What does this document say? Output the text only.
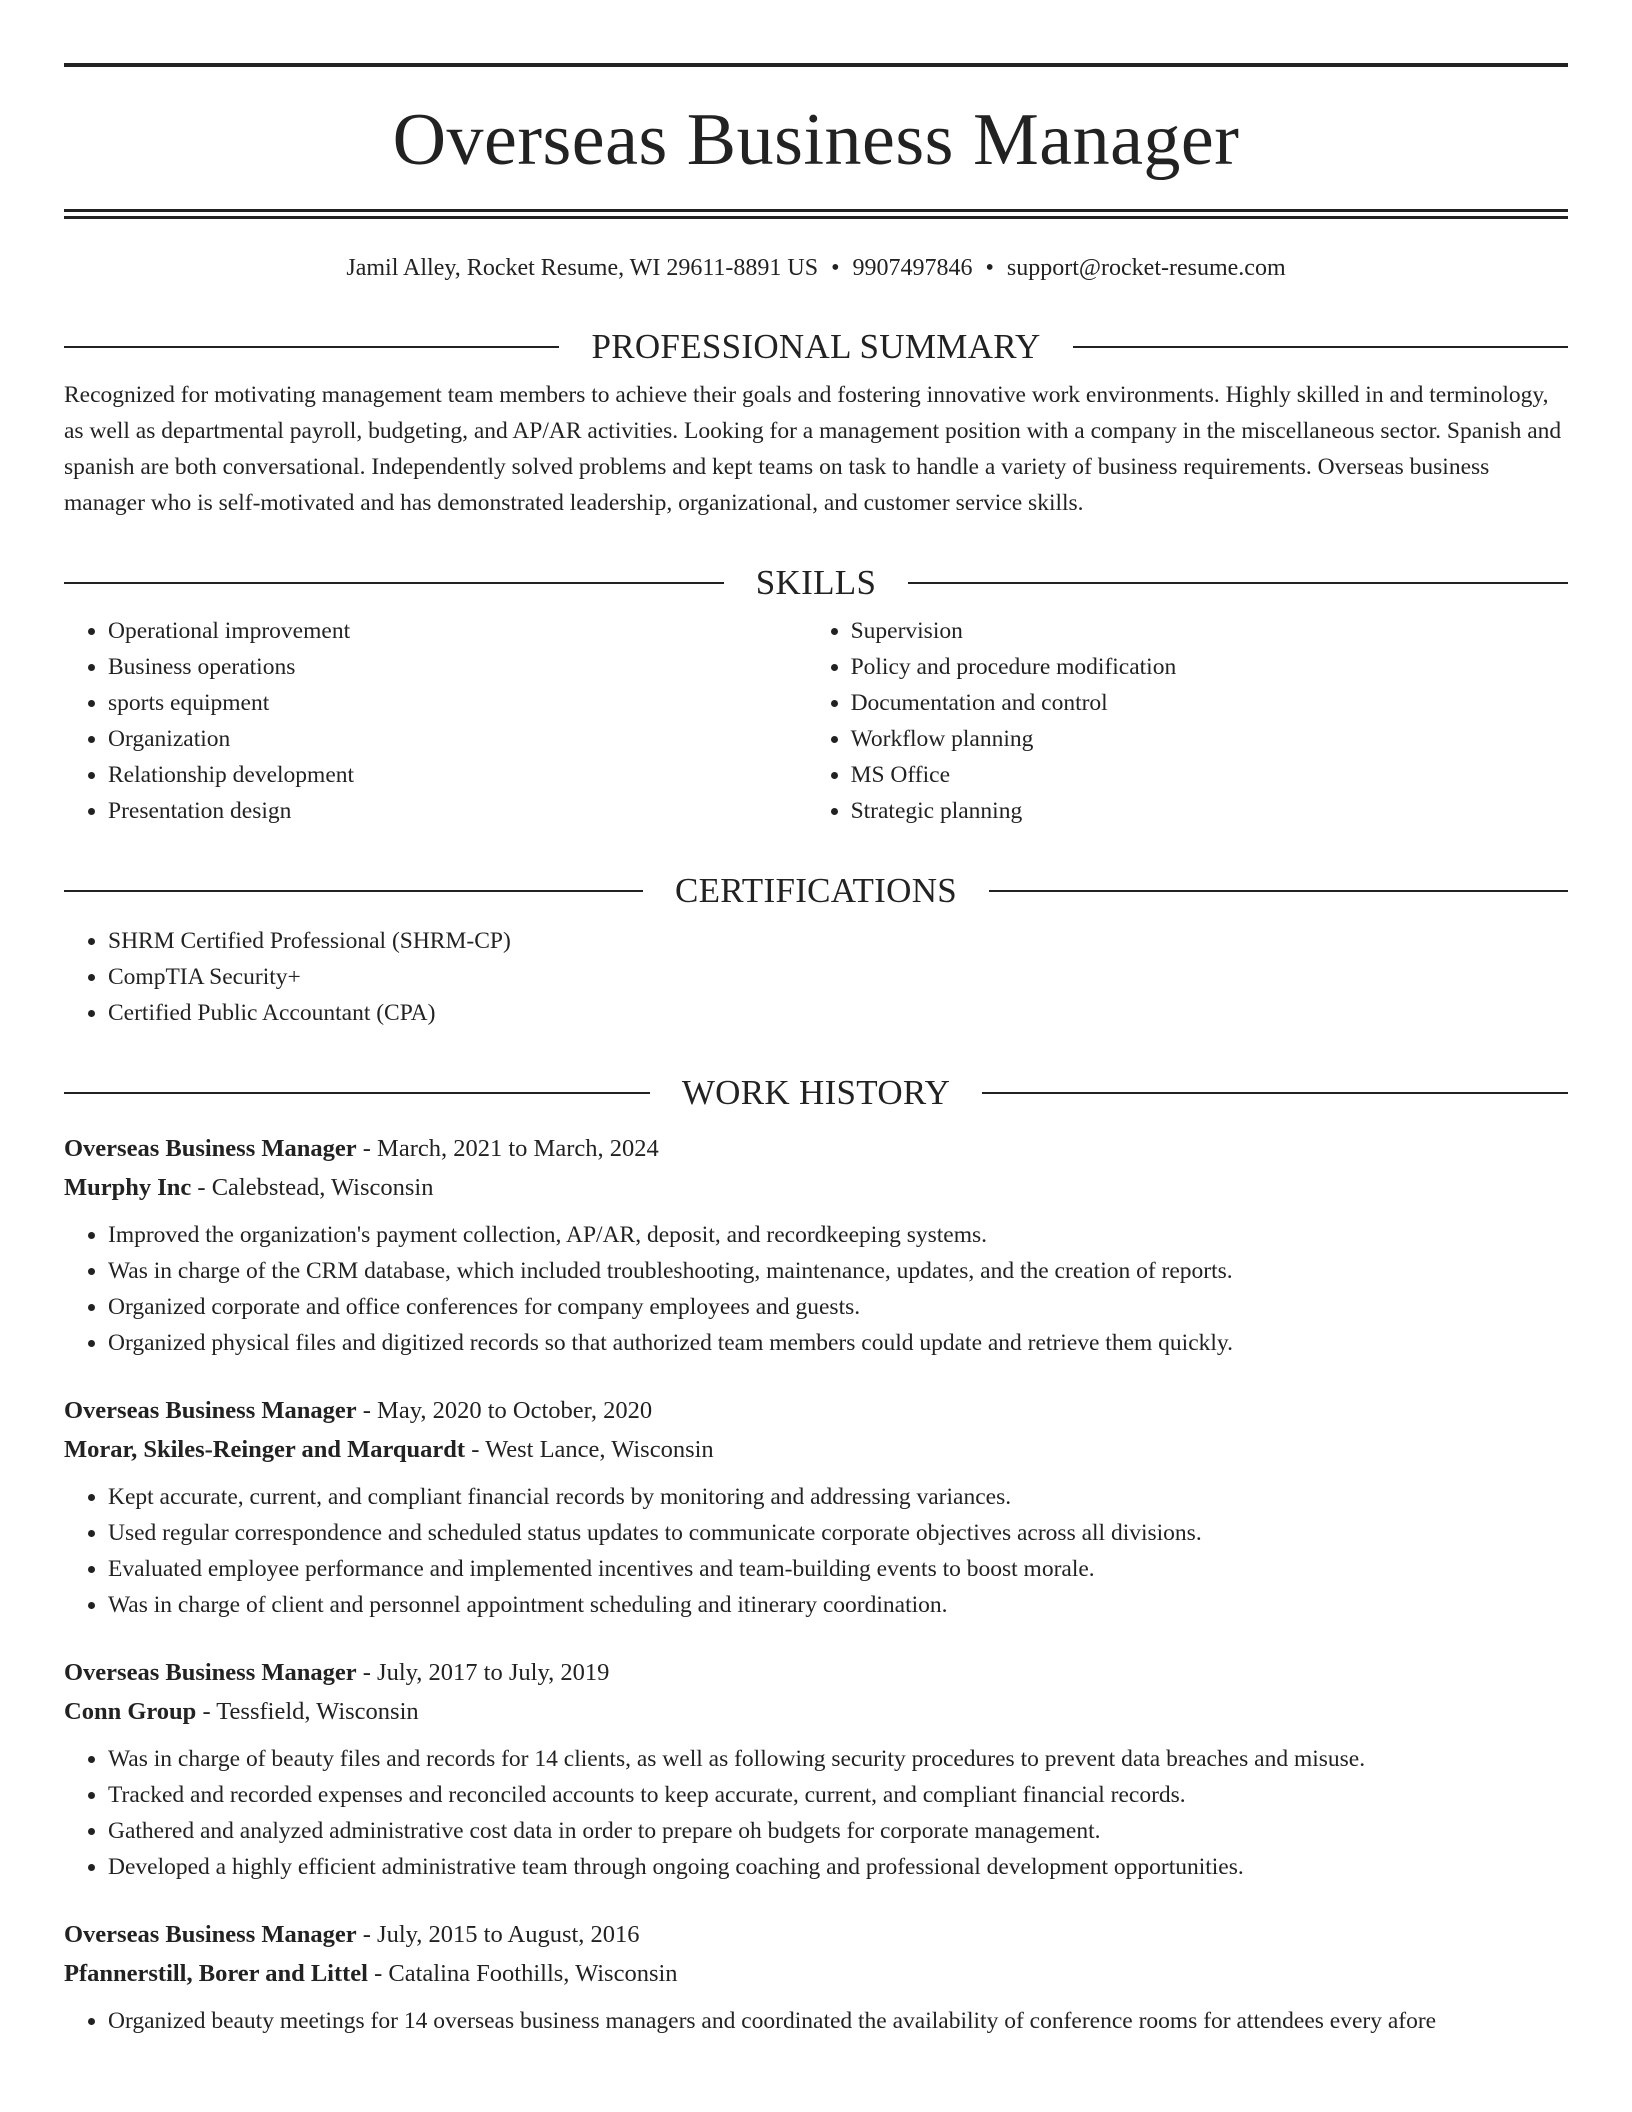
Overseas Business Manager
Jamil Alley, Rocket Resume, WI 29611-8891 US • 9907497846 • support@rocket-resume.com
PROFESSIONAL SUMMARY

Recognized for motivating management team members to achieve their goals and fostering innovative work environments. Highly skilled in and terminology, as well as departmental payroll, budgeting, and AP/AR activities. Looking for a management position with a company in the miscellaneous sector. Spanish and spanish are both conversational. Independently solved problems and kept teams on task to handle a variety of business requirements. Overseas business manager who is self-motivated and has demonstrated leadership, organizational, and customer service skills.

SKILLS
• Operational improvement
• Business operations
• sports equipment
• Organization
• Relationship development
• Presentation design
• Supervision
• Policy and procedure modification
• Documentation and control
• Workflow planning
• MS Office
• Strategic planning
CERTIFICATIONS
• SHRM Certified Professional (SHRM-CP)
• CompTIA Security+
• Certified Public Accountant (CPA)
WORK HISTORY
Overseas Business Manager - March, 2021 to March, 2024
Murphy Inc - Calebstead, Wisconsin
• Improved the organization's payment collection, AP/AR, deposit, and recordkeeping systems.
• Was in charge of the CRM database, which included troubleshooting, maintenance, updates, and the creation of reports.
• Organized corporate and office conferences for company employees and guests.
• Organized physical files and digitized records so that authorized team members could update and retrieve them quickly.
Overseas Business Manager - May, 2020 to October, 2020
Morar, Skiles-Reinger and Marquardt - West Lance, Wisconsin
• Kept accurate, current, and compliant financial records by monitoring and addressing variances.
• Used regular correspondence and scheduled status updates to communicate corporate objectives across all divisions.
• Evaluated employee performance and implemented incentives and team-building events to boost morale.
• Was in charge of client and personnel appointment scheduling and itinerary coordination.
Overseas Business Manager - July, 2017 to July, 2019
Conn Group - Tessfield, Wisconsin
• Was in charge of beauty files and records for 14 clients, as well as following security procedures to prevent data breaches and misuse.
• Tracked and recorded expenses and reconciled accounts to keep accurate, current, and compliant financial records.
• Gathered and analyzed administrative cost data in order to prepare oh budgets for corporate management.
• Developed a highly efficient administrative team through ongoing coaching and professional development opportunities.
Overseas Business Manager - July, 2015 to August, 2016
Pfannerstill, Borer and Littel - Catalina Foothills, Wisconsin
• Organized beauty meetings for 14 overseas business managers and coordinated the availability of conference rooms for attendees every afore
